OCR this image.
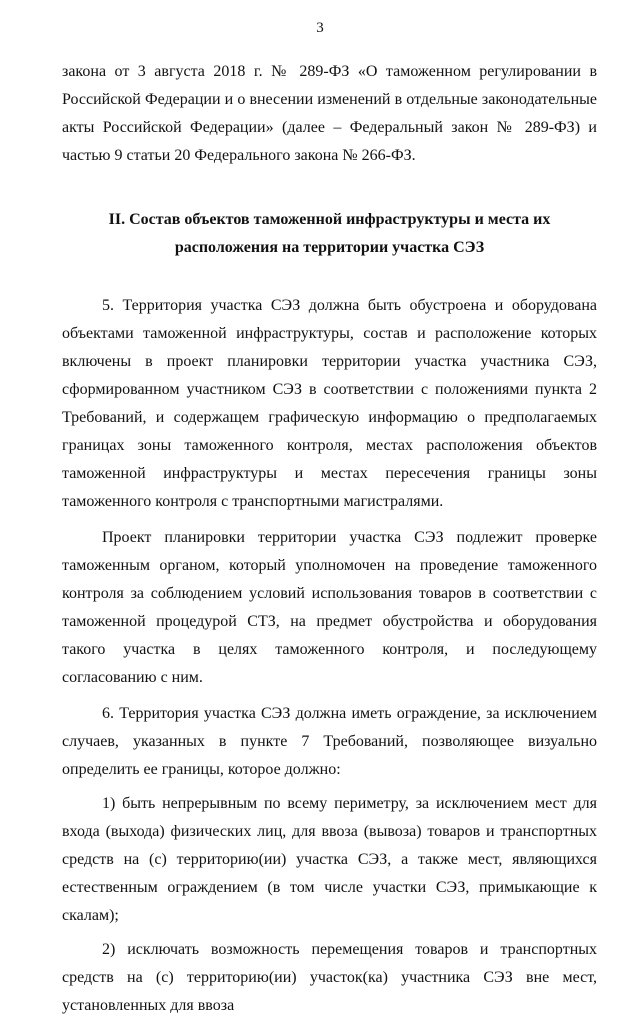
3

закона от 3 августа 2018 г. № 289-ФЗ «О таможенном регулировании в Российской Федерации и о внесении изменений в отдельные законодательные акты Российской Федерации» (далее – Федеральный закон № 289-ФЗ) и частью 9 статьи 20 Федерального закона № 266-ФЗ.

II. Состав объектов таможенной инфраструктуры и места их расположения на территории участка СЭЗ

5. Территория участка СЭЗ должна быть обустроена и оборудована объектами таможенной инфраструктуры, состав и расположение которых включены в проект планировки территории участка участника СЭЗ, сформированном участником СЭЗ в соответствии с положениями пункта 2 Требований, и содержащем графическую информацию о предполагаемых границах зоны таможенного контроля, местах расположения объектов таможенной инфраструктуры и местах пересечения границы зоны таможенного контроля с транспортными магистралями.

Проект планировки территории участка СЭЗ подлежит проверке таможенным органом, который уполномочен на проведение таможенного контроля за соблюдением условий использования товаров в соответствии с таможенной процедурой СТЗ, на предмет обустройства и оборудования такого участка в целях таможенного контроля, и последующему согласованию с ним.

6. Территория участка СЭЗ должна иметь ограждение, за исключением случаев, указанных в пункте 7 Требований, позволяющее визуально определить ее границы, которое должно:

1) быть непрерывным по всему периметру, за исключением мест для входа (выхода) физических лиц, для ввоза (вывоза) товаров и транспортных средств на (с) территорию(ии) участка СЭЗ, а также мест, являющихся естественным ограждением (в том числе участки СЭЗ, примыкающие к скалам);

2) исключать возможность перемещения товаров и транспортных средств на (с) территорию(ии) участок(ка) участника СЭЗ вне мест, установленных для ввоза
